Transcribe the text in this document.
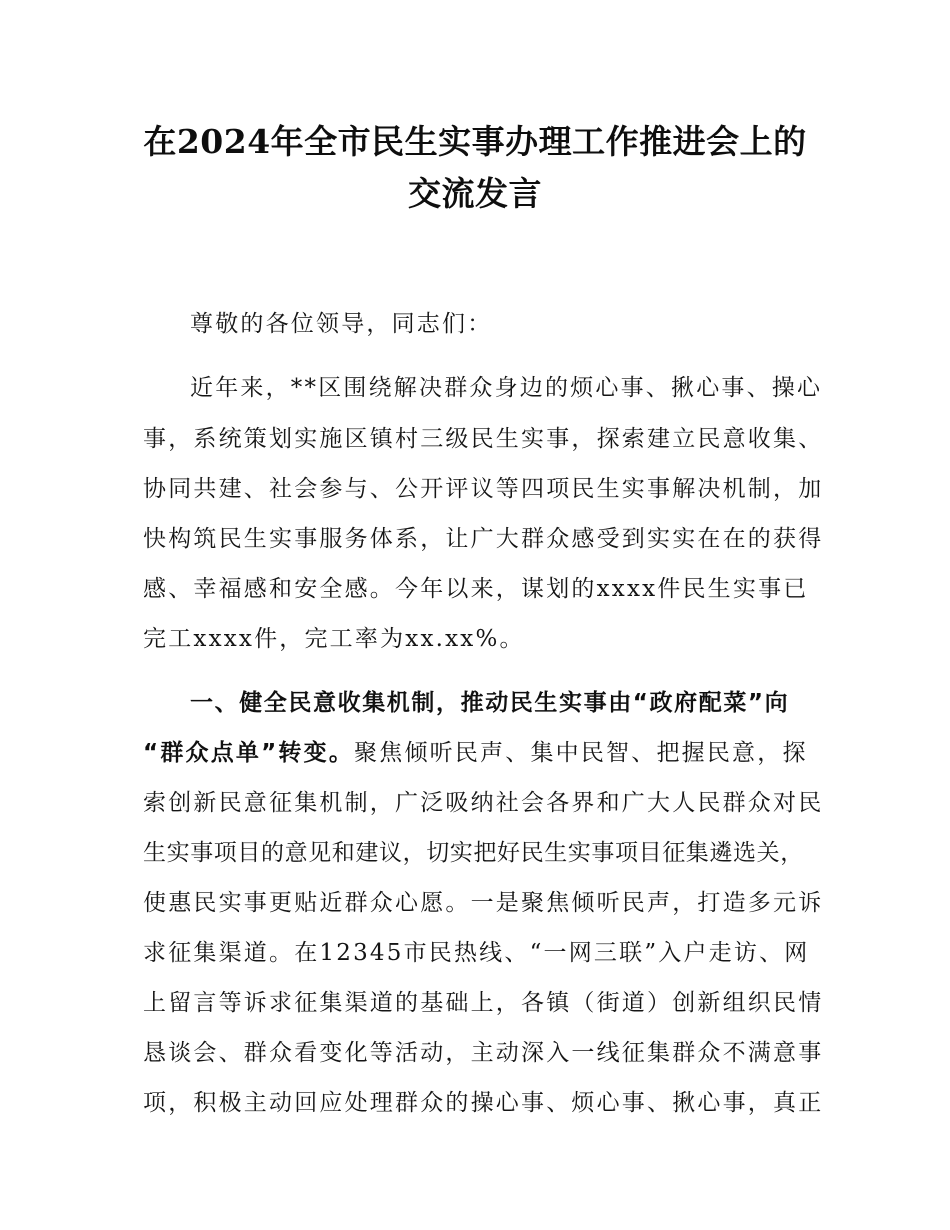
在2024年全市民生实事办理工作推进会上的
交流发言
尊敬的各位领导，同志们：
近年来，**区围绕解决群众身边的烦心事、揪心事、操心
事，系统策划实施区镇村三级民生实事，探索建立民意收集、
协同共建、社会参与、公开评议等四项民生实事解决机制，加
快构筑民生实事服务体系，让广大群众感受到实实在在的获得
感、幸福感和安全感。今年以来，谋划的xxxx件民生实事已
完工xxxx件，完工率为xx.xx%。
一、健全民意收集机制，推动民生实事由“政府配菜”向
“群众点单”转变。聚焦倾听民声、集中民智、把握民意，探
索创新民意征集机制，广泛吸纳社会各界和广大人民群众对民
生实事项目的意见和建议，切实把好民生实事项目征集遴选关，
使惠民实事更贴近群众心愿。一是聚焦倾听民声，打造多元诉
求征集渠道。在12345市民热线、“一网三联”入户走访、网
上留言等诉求征集渠道的基础上，各镇（街道）创新组织民情
恳谈会、群众看变化等活动，主动深入一线征集群众不满意事
项，积极主动回应处理群众的操心事、烦心事、揪心事，真正
